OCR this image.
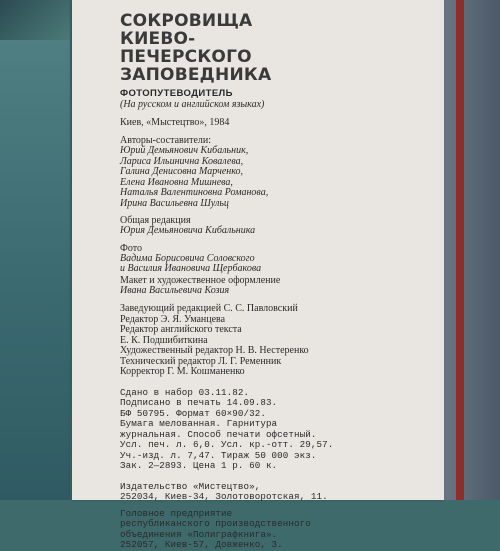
СОКРОВИЩА
КИЕВО-
ПЕЧЕРСКОГО
ЗАПОВЕДНИКА
ФОТОПУТЕВОДИТЕЛЬ
(На русском и английском языках)
Киев, «Мыстецтво», 1984
Авторы-составители:
Юрий Демьянович Кибальник,
Лариса Ильинична Ковалева,
Галина Денисовна Марченко,
Елена Ивановна Мишнева,
Наталья Валентиновна Романова,
Ирина Васильевна Шульц
Общая редакция
Юрия Демьяновича Кибальника
Фото
Вадима Борисовича Соловского
и Василия Ивановича Щербакова
Макет и художественное оформление
Ивана Васильевича Козия
Заведующий редакцией С. С. Павловский
Редактор Э. Я. Уманцева
Редактор английского текста
Е. К. Подшибиткина
Художественный редактор Н. В. Нестеренко
Технический редактор Л. Г. Ременник
Корректор Г. М. Кошманенко
Сдано в набор 03.11.82.
Подписано в печать 14.09.83.
БФ 50795. Формат 60×90/32.
Бумага мелованная. Гарнитура
журнальная. Способ печати офсетный.
Усл. печ. л. 6,0. Усл. кр.-отт. 29,57.
Уч.-изд. л. 7,47. Тираж 50 000 экз.
Зак. 2—2893. Цена 1 р. 60 к.
Издательство «Мистецтво»,
252034, Киев-34, Золотоворотская, 11.
Головное предприятие
республиканского производственного
объединения «Полиграфкнига».
252057, Киев-57, Довженко, 3.
